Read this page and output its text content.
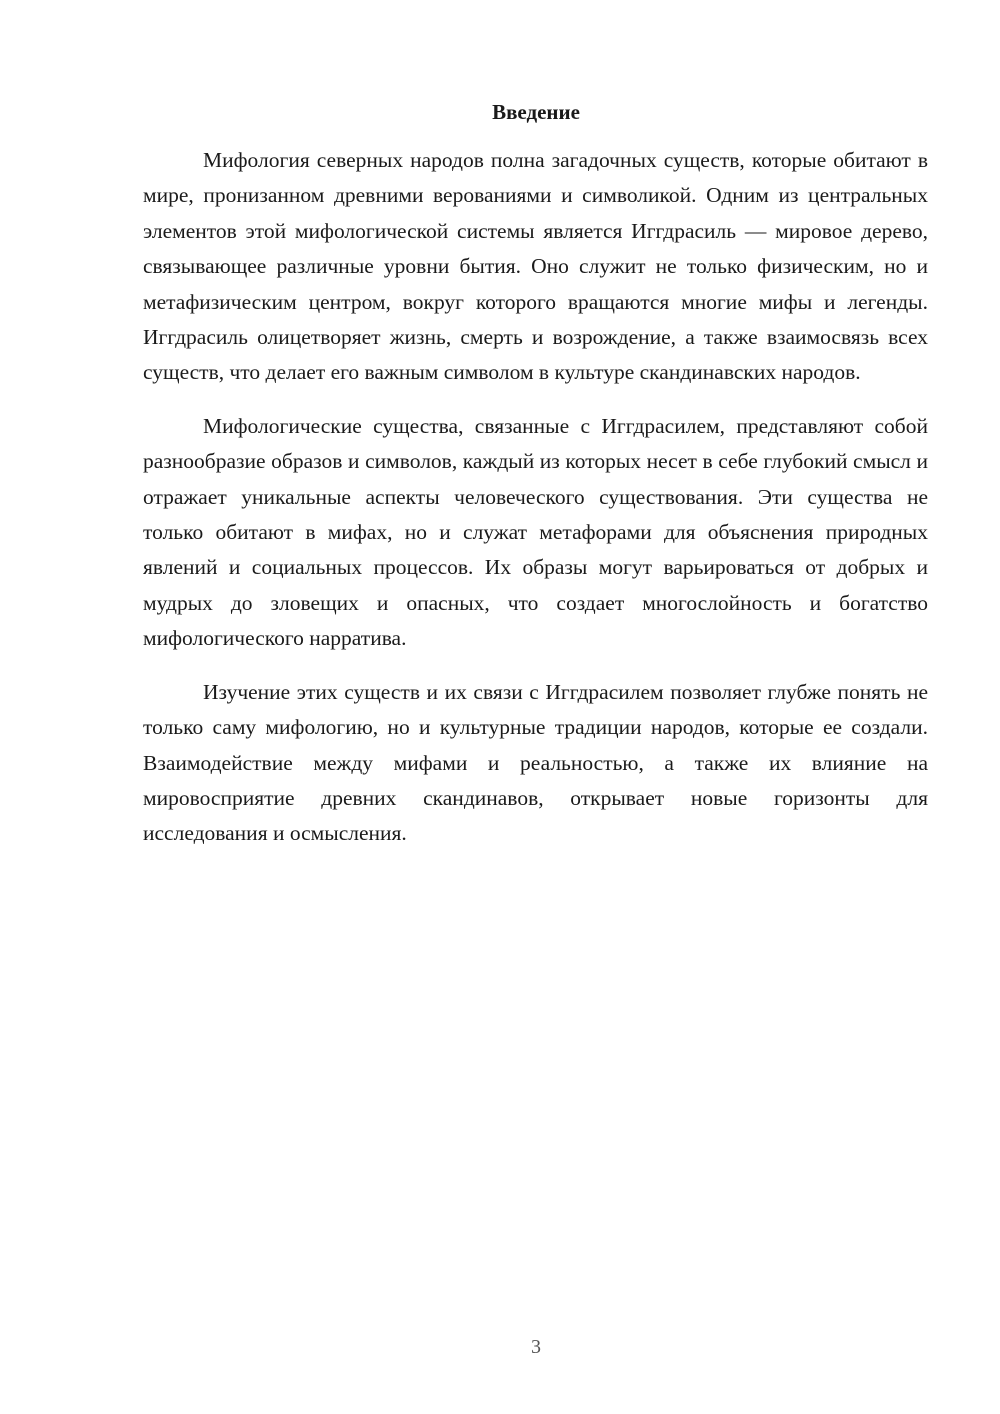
Введение

Мифология северных народов полна загадочных существ, которые обитают в мире, пронизанном древними верованиями и символикой. Одним из центральных элементов этой мифологической системы является Иггдрасиль — мировое дерево, связывающее различные уровни бытия. Оно служит не только физическим, но и метафизическим центром, вокруг которого вращаются многие мифы и легенды. Иггдрасиль олицетворяет жизнь, смерть и возрождение, а также взаимосвязь всех существ, что делает его важным символом в культуре скандинавских народов.

Мифологические существа, связанные с Иггдрасилем, представляют собой разнообразие образов и символов, каждый из которых несет в себе глубокий смысл и отражает уникальные аспекты человеческого существования. Эти существа не только обитают в мифах, но и служат метафорами для объяснения природных явлений и социальных процессов. Их образы могут варьироваться от добрых и мудрых до зловещих и опасных, что создает многослойность и богатство мифологического нарратива.

Изучение этих существ и их связи с Иггдрасилем позволяет глубже понять не только саму мифологию, но и культурные традиции народов, которые ее создали. Взаимодействие между мифами и реальностью, а также их влияние на мировосприятие древних скандинавов, открывает новые горизонты для исследования и осмысления.

3
